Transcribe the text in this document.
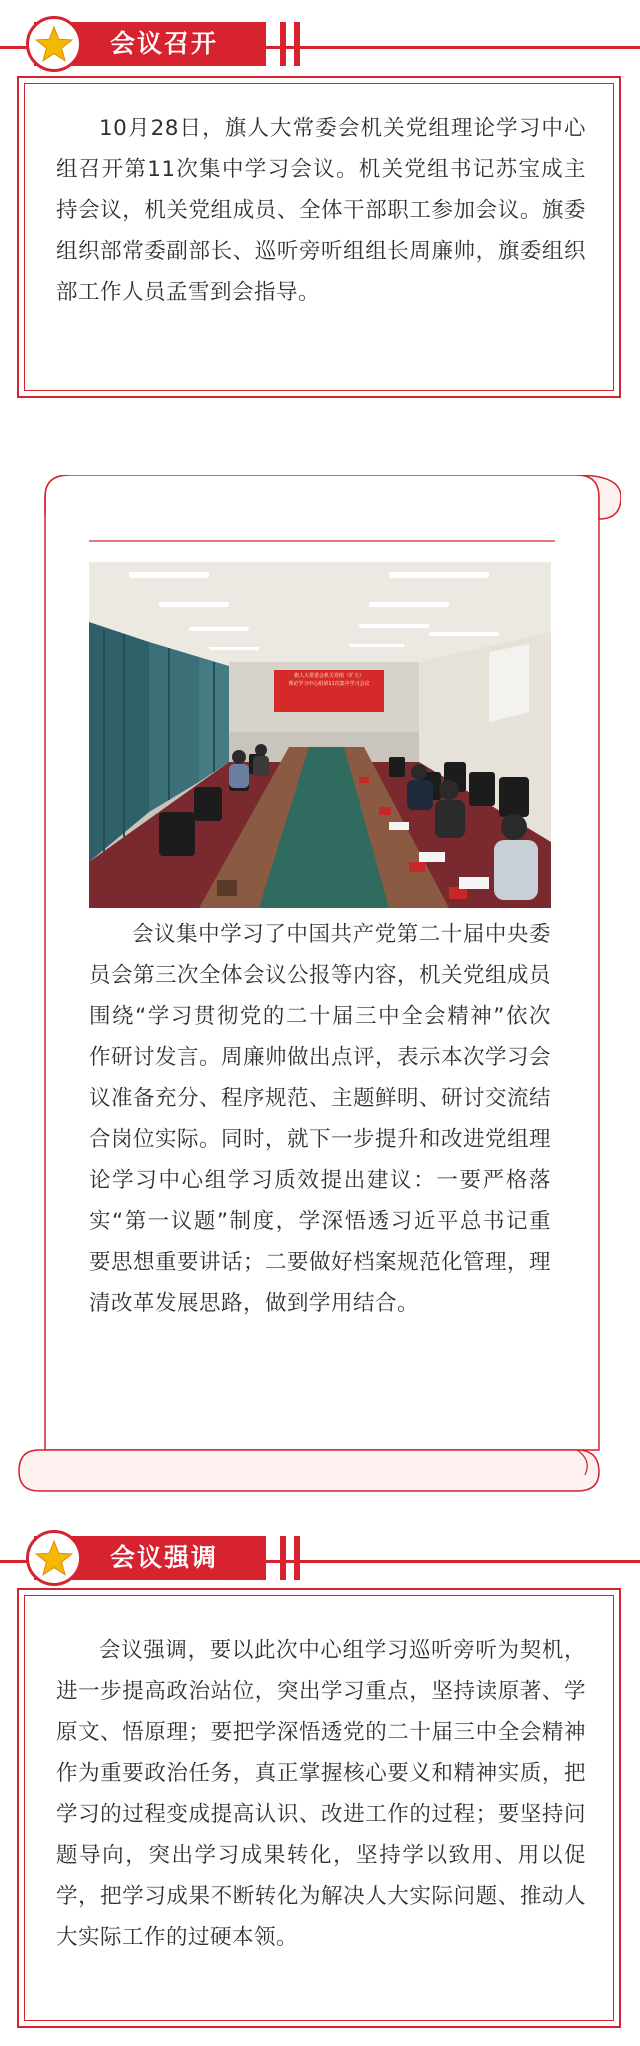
会议召开

10月28日，旗人大常委会机关党组理论学习中心组召开第11次集中学习会议。机关党组书记苏宝成主持会议，机关党组成员、全体干部职工参加会议。旗委组织部常委副部长、巡听旁听组组长周廉帅，旗委组织部工作人员孟雪到会指导。

旗人大常委会机关党组（扩大）
理论学习中心组第11次集中学习会议

会议集中学习了中国共产党第二十届中央委员会第三次全体会议公报等内容，机关党组成员围绕“学习贯彻党的二十届三中全会精神”依次作研讨发言。周廉帅做出点评，表示本次学习会议准备充分、程序规范、主题鲜明、研讨交流结合岗位实际。同时，就下一步提升和改进党组理论学习中心组学习质效提出建议：一要严格落实“第一议题”制度，学深悟透习近平总书记重要思想重要讲话；二要做好档案规范化管理，理清改革发展思路，做到学用结合。

会议强调

会议强调，要以此次中心组学习巡听旁听为契机，进一步提高政治站位，突出学习重点，坚持读原著、学原文、悟原理；要把学深悟透党的二十届三中全会精神作为重要政治任务，真正掌握核心要义和精神实质，把学习的过程变成提高认识、改进工作的过程；要坚持问题导向，突出学习成果转化，坚持学以致用、用以促学，把学习成果不断转化为解决人大实际问题、推动人大实际工作的过硬本领。
